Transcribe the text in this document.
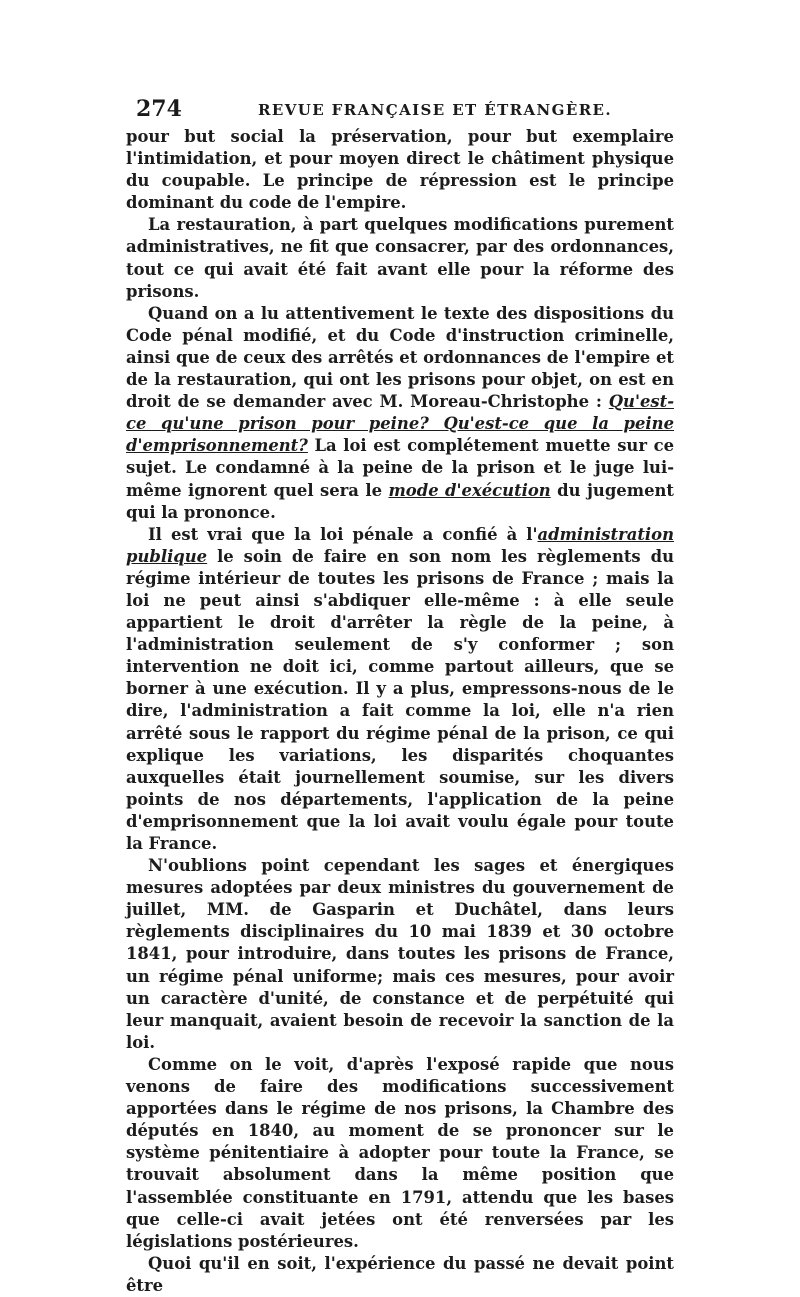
274	REVUE FRANÇAISE ET ÉTRANGÈRE.

pour but social la préservation, pour but exemplaire l'intimidation, et pour moyen direct le châtiment physique du coupable. Le principe de répression est le principe dominant du code de l'empire.

La restauration, à part quelques modifications purement administratives, ne fit que consacrer, par des ordonnances, tout ce qui avait été fait avant elle pour la réforme des prisons.

Quand on a lu attentivement le texte des dispositions du Code pénal modifié, et du Code d'instruction criminelle, ainsi que de ceux des arrêtés et ordonnances de l'empire et de la restauration, qui ont les prisons pour objet, on est en droit de se demander avec M. Moreau-Christophe : Qu'est-ce qu'une prison pour peine? Qu'est-ce que la peine d'emprisonnement? La loi est complétement muette sur ce sujet. Le condamné à la peine de la prison et le juge lui-même ignorent quel sera le mode d'exécution du jugement qui la prononce.

Il est vrai que la loi pénale a confié à l'administration publique le soin de faire en son nom les règlements du régime intérieur de toutes les prisons de France ; mais la loi ne peut ainsi s'abdiquer elle-même : à elle seule appartient le droit d'arrêter la règle de la peine, à l'administration seulement de s'y conformer ; son intervention ne doit ici, comme partout ailleurs, que se borner à une exécution. Il y a plus, empressons-nous de le dire, l'administration a fait comme la loi, elle n'a rien arrêté sous le rapport du régime pénal de la prison, ce qui explique les variations, les disparités choquantes auxquelles était journellement soumise, sur les divers points de nos départements, l'application de la peine d'emprisonnement que la loi avait voulu égale pour toute la France.

N'oublions point cependant les sages et énergiques mesures adoptées par deux ministres du gouvernement de juillet, MM. de Gasparin et Duchâtel, dans leurs règlements disciplinaires du 10 mai 1839 et 30 octobre 1841, pour introduire, dans toutes les prisons de France, un régime pénal uniforme; mais ces mesures, pour avoir un caractère d'unité, de constance et de perpétuité qui leur manquait, avaient besoin de recevoir la sanction de la loi.

Comme on le voit, d'après l'exposé rapide que nous venons de faire des modifications successivement apportées dans le régime de nos prisons, la Chambre des députés en 1840, au moment de se prononcer sur le système pénitentiaire à adopter pour toute la France, se trouvait absolument dans la même position que l'assemblée constituante en 1791, attendu que les bases que celle-ci avait jetées ont été renversées par les législations postérieures.

Quoi qu'il en soit, l'expérience du passé ne devait point être
